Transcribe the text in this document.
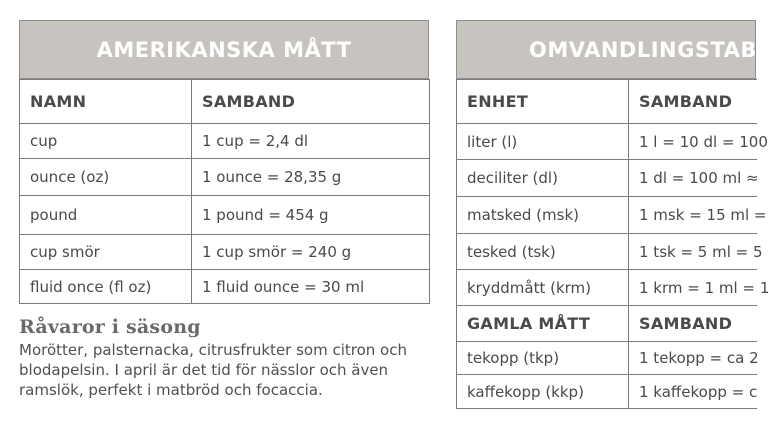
AMERIKANSKA MÅTT
NAMN	SAMBAND
cup	1 cup = 2,4 dl
ounce (oz)	1 ounce = 28,35 g
pound	1 pound = 454 g
cup smör	1 cup smör = 240 g
fluid once (fl oz)	1 fluid ounce = 30 ml
Råvaror i säsong

Morötter, palsternacka, citrusfrukter som citron och blodapelsin. I april är det tid för nässlor och även ramslök, perfekt i matbröd och focaccia.

OMVANDLINGSTAB
ENHET	SAMBAND
liter (l)	1 l = 10 dl = 100
deciliter (dl)	1 dl = 100 ml ≈
matsked (msk)	1 msk = 15 ml =
tesked (tsk)	1 tsk = 5 ml = 5
kryddmått (krm)	1 krm = 1 ml = 1
GAMLA MÅTT	SAMBAND
tekopp (tkp)	1 tekopp = ca 2
kaffekopp (kkp)	1 kaffekopp = c
